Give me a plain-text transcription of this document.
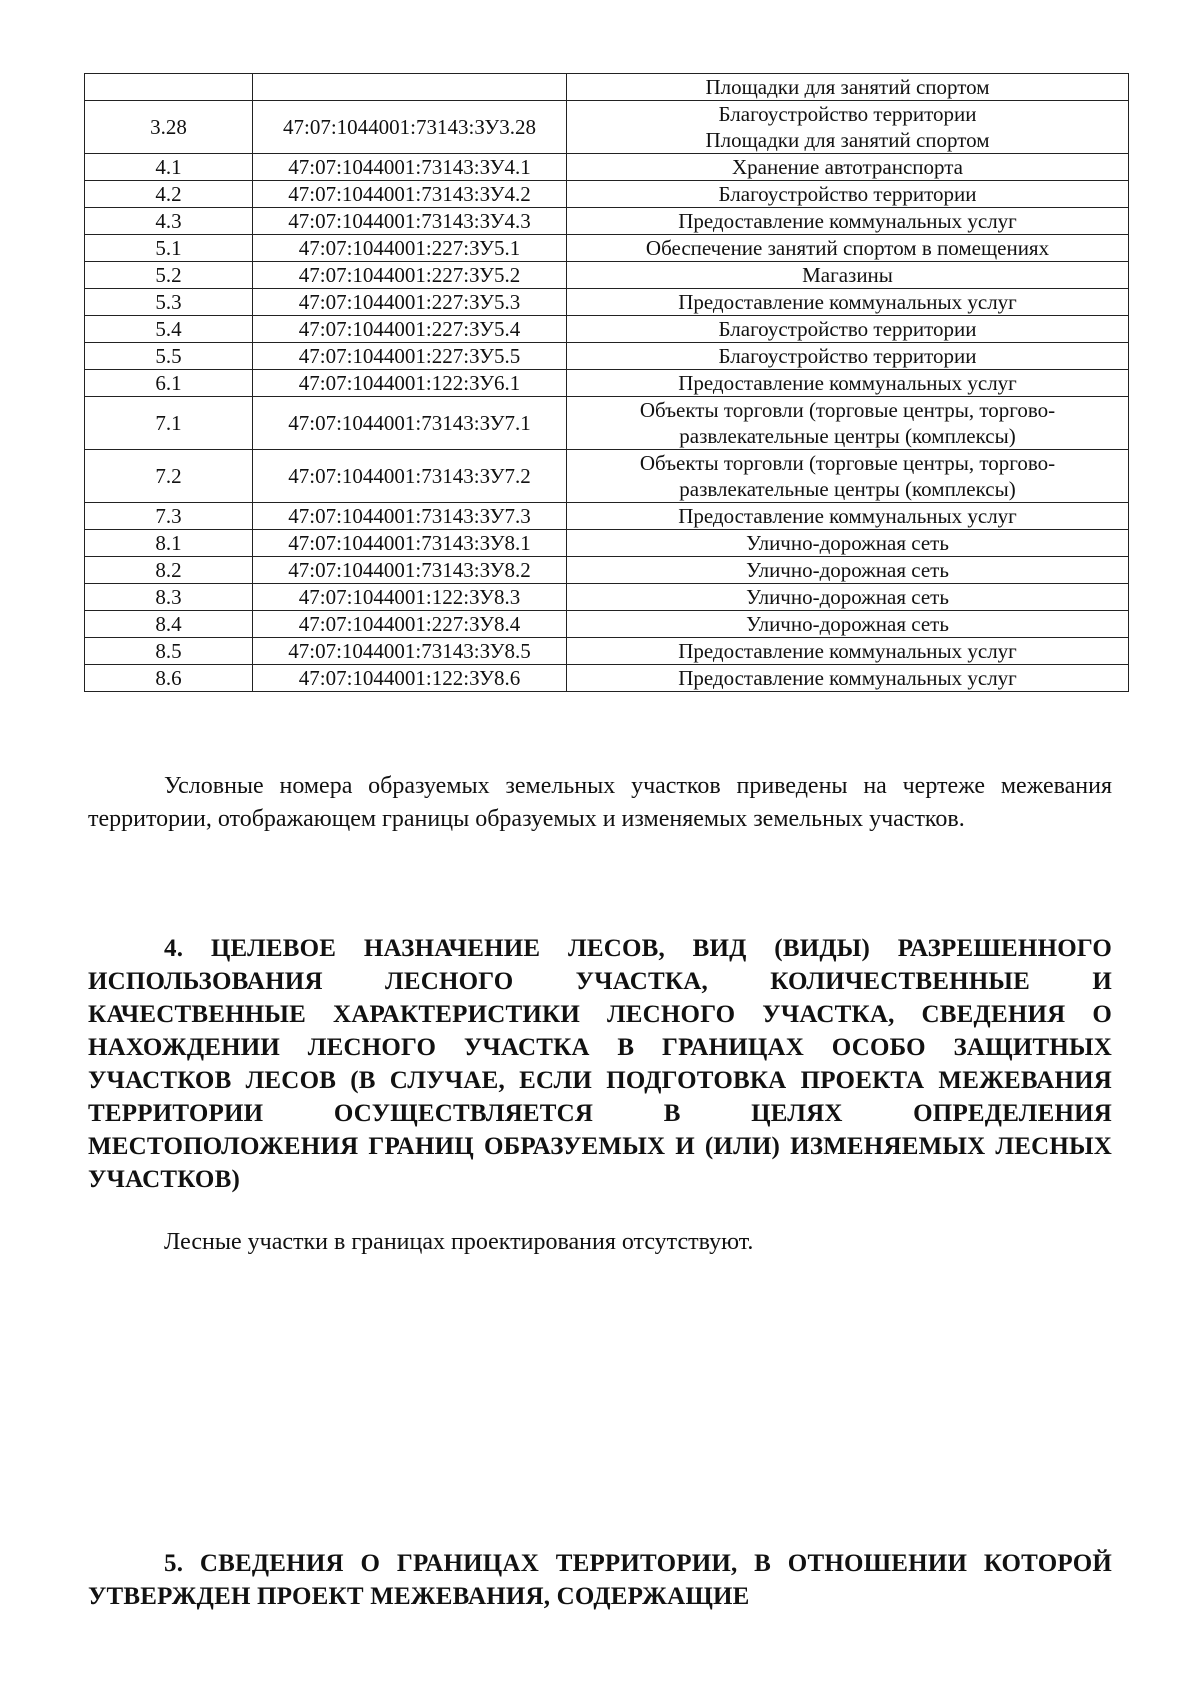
		Площадки для занятий спортом

3.28	47:07:1044001:73143:ЗУ3.28	Благоустройство территории
Площадки для занятий спортом

4.1	47:07:1044001:73143:ЗУ4.1	Хранение автотранспорта

4.2	47:07:1044001:73143:ЗУ4.2	Благоустройство территории

4.3	47:07:1044001:73143:ЗУ4.3	Предоставление коммунальных услуг

5.1	47:07:1044001:227:ЗУ5.1	Обеспечение занятий спортом в помещениях

5.2	47:07:1044001:227:ЗУ5.2	Магазины

5.3	47:07:1044001:227:ЗУ5.3	Предоставление коммунальных услуг

5.4	47:07:1044001:227:ЗУ5.4	Благоустройство территории

5.5	47:07:1044001:227:ЗУ5.5	Благоустройство территории

6.1	47:07:1044001:122:ЗУ6.1	Предоставление коммунальных услуг

7.1	47:07:1044001:73143:ЗУ7.1	Объекты торговли (торговые центры, торгово-
развлекательные центры (комплексы)

7.2	47:07:1044001:73143:ЗУ7.2	Объекты торговли (торговые центры, торгово-
развлекательные центры (комплексы)

7.3	47:07:1044001:73143:ЗУ7.3	Предоставление коммунальных услуг

8.1	47:07:1044001:73143:ЗУ8.1	Улично-дорожная сеть

8.2	47:07:1044001:73143:ЗУ8.2	Улично-дорожная сеть

8.3	47:07:1044001:122:ЗУ8.3	Улично-дорожная сеть

8.4	47:07:1044001:227:ЗУ8.4	Улично-дорожная сеть

8.5	47:07:1044001:73143:ЗУ8.5	Предоставление коммунальных услуг

8.6	47:07:1044001:122:ЗУ8.6	Предоставление коммунальных услуг

Условные номера образуемых земельных участков приведены на чертеже межевания территории, отображающем границы образуемых и изменяемых земельных участков.

4. ЦЕЛЕВОЕ НАЗНАЧЕНИЕ ЛЕСОВ, ВИД (ВИДЫ) РАЗРЕШЕННОГО ИСПОЛЬЗОВАНИЯ ЛЕСНОГО УЧАСТКА, КОЛИЧЕСТВЕННЫЕ И КАЧЕСТВЕННЫЕ ХАРАКТЕРИСТИКИ ЛЕСНОГО УЧАСТКА, СВЕДЕНИЯ О НАХОЖДЕНИИ ЛЕСНОГО УЧАСТКА В ГРАНИЦАХ ОСОБО ЗАЩИТНЫХ УЧАСТКОВ ЛЕСОВ (В СЛУЧАЕ, ЕСЛИ ПОДГОТОВКА ПРОЕКТА МЕЖЕВАНИЯ ТЕРРИТОРИИ ОСУЩЕСТВЛЯЕТСЯ В ЦЕЛЯХ ОПРЕДЕЛЕНИЯ МЕСТОПОЛОЖЕНИЯ ГРАНИЦ ОБРАЗУЕМЫХ И (ИЛИ) ИЗМЕНЯЕМЫХ ЛЕСНЫХ УЧАСТКОВ)

Лесные участки в границах проектирования отсутствуют.

5. СВЕДЕНИЯ О ГРАНИЦАХ ТЕРРИТОРИИ, В ОТНОШЕНИИ КОТОРОЙ УТВЕРЖДЕН ПРОЕКТ МЕЖЕВАНИЯ, СОДЕРЖАЩИЕ
